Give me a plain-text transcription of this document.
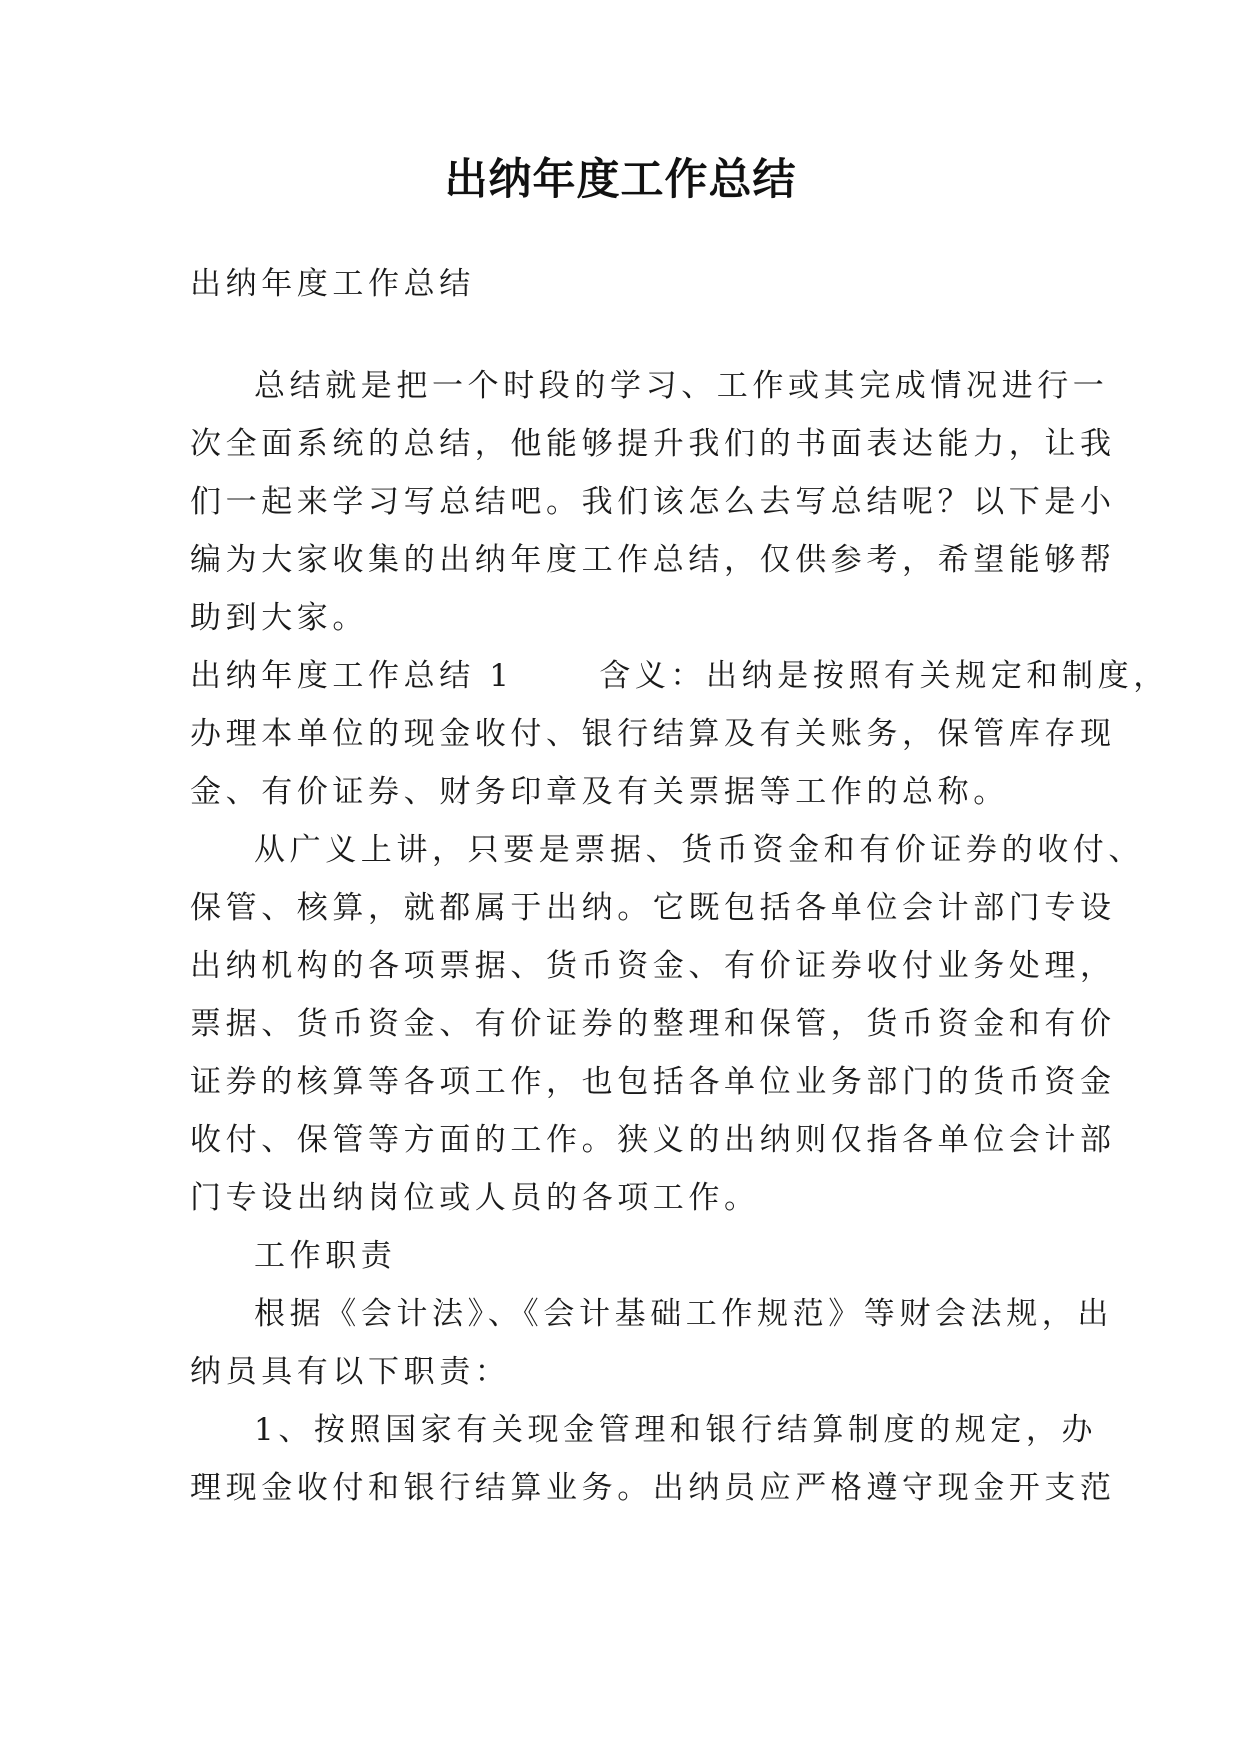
出纳年度工作总结
出纳年度工作总结
总结就是把一个时段的学习、工作或其完成情况进行一
次全面系统的总结，他能够提升我们的书面表达能力，让我
们一起来学习写总结吧。我们该怎么去写总结呢？以下是小
编为大家收集的出纳年度工作总结，仅供参考，希望能够帮
助到大家。
出纳年度工作总结 1　　 含义：出纳是按照有关规定和制度，
办理本单位的现金收付、银行结算及有关账务，保管库存现
金、有价证券、财务印章及有关票据等工作的总称。
从广义上讲，只要是票据、货币资金和有价证券的收付、
保管、核算，就都属于出纳。它既包括各单位会计部门专设
出纳机构的各项票据、货币资金、有价证券收付业务处理，
票据、货币资金、有价证券的整理和保管，货币资金和有价
证券的核算等各项工作，也包括各单位业务部门的货币资金
收付、保管等方面的工作。狭义的出纳则仅指各单位会计部
门专设出纳岗位或人员的各项工作。
工作职责
根据《会计法》、《会计基础工作规范》等财会法规，出
纳员具有以下职责：
1、按照国家有关现金管理和银行结算制度的规定，办
理现金收付和银行结算业务。出纳员应严格遵守现金开支范
